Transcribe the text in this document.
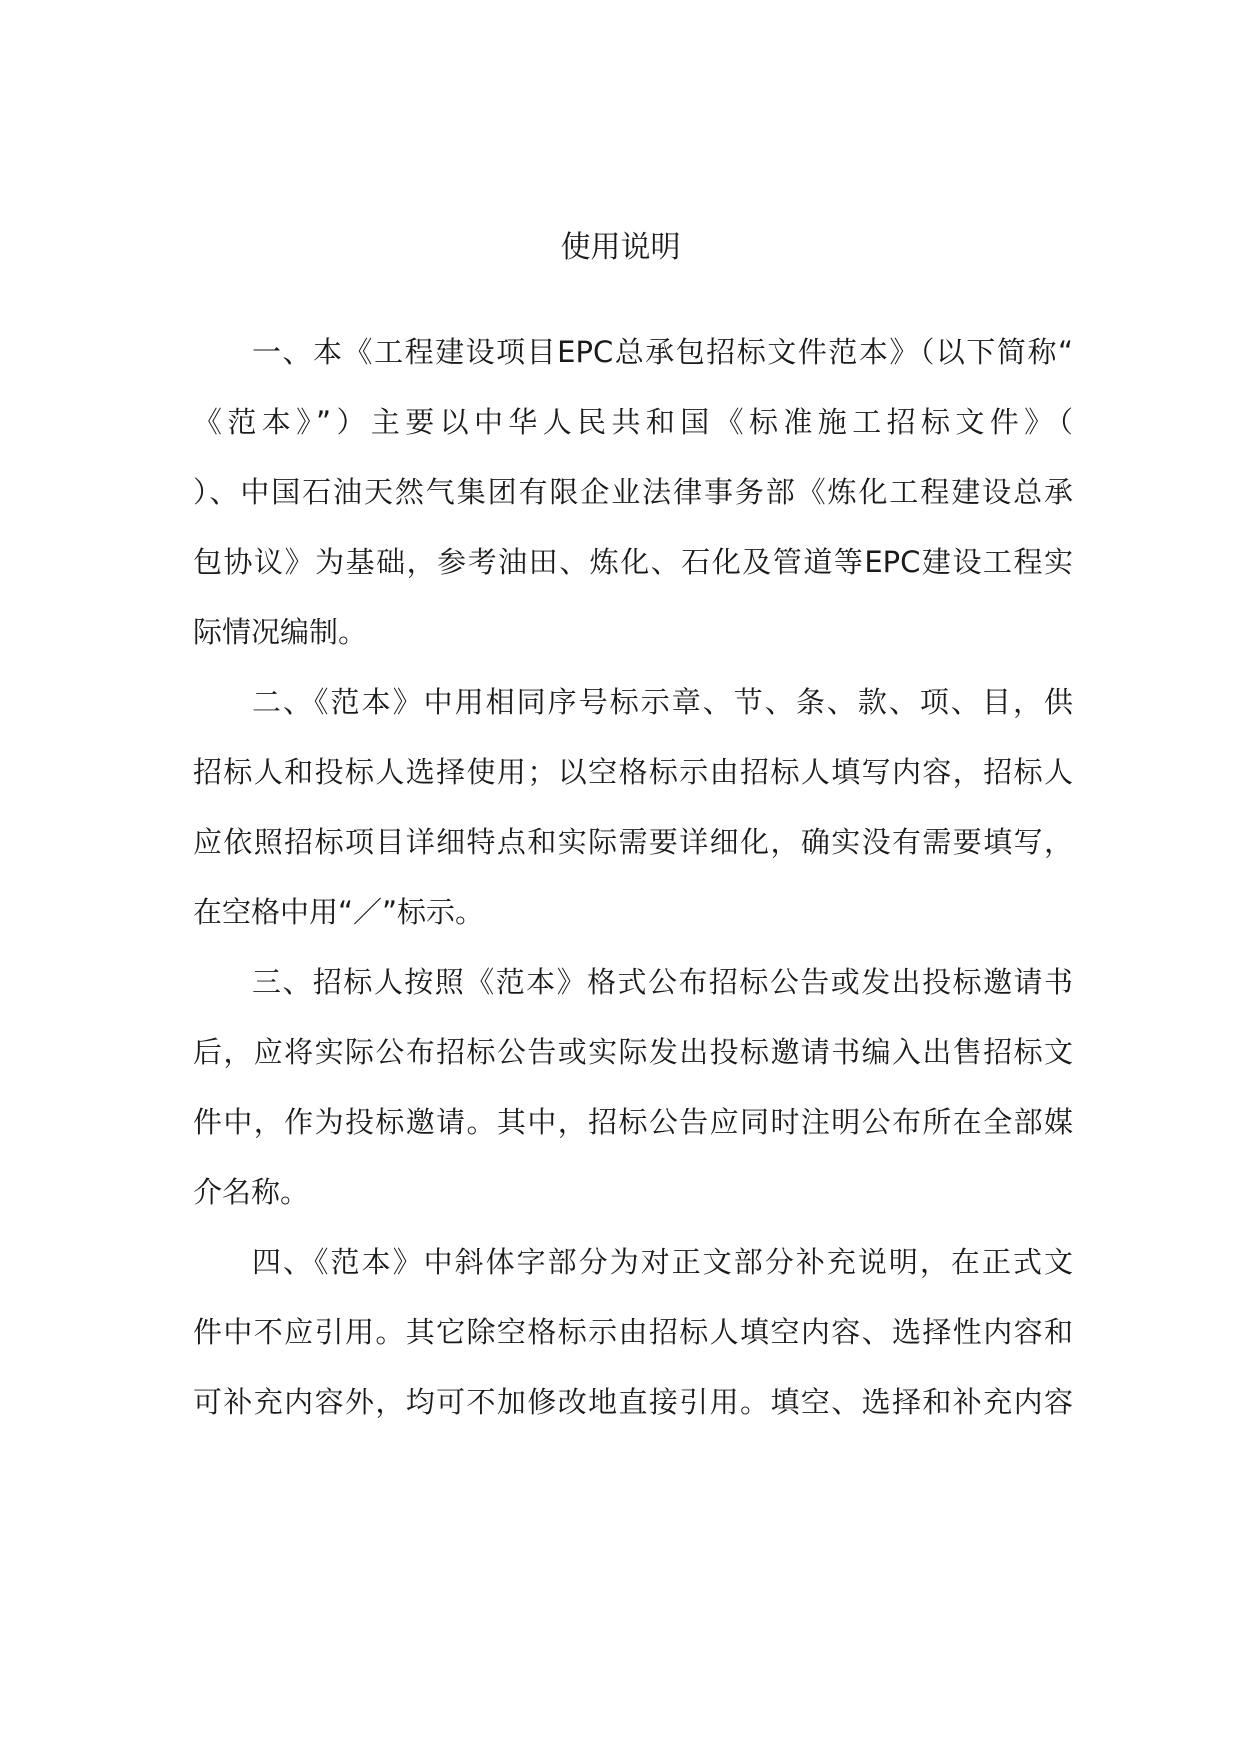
使用说明
一、本《工程建设项目EPC总承包招标文件范本》（以下简称“
《范本》”）主要以中华人民共和国《标准施工招标文件》（
）、中国石油天然气集团有限企业法律事务部《炼化工程建设总承
包协议》为基础，参考油田、炼化、石化及管道等EPC建设工程实
际情况编制。
二、《范本》中用相同序号标示章、节、条、款、项、目，供
招标人和投标人选择使用；以空格标示由招标人填写内容，招标人
应依照招标项目详细特点和实际需要详细化，确实没有需要填写，
在空格中用“／”标示。
三、招标人按照《范本》格式公布招标公告或发出投标邀请书
后，应将实际公布招标公告或实际发出投标邀请书编入出售招标文
件中，作为投标邀请。其中，招标公告应同时注明公布所在全部媒
介名称。
四、《范本》中斜体字部分为对正文部分补充说明，在正式文
件中不应引用。其它除空格标示由招标人填空内容、选择性内容和
可补充内容外，均可不加修改地直接引用。填空、选择和补充内容
